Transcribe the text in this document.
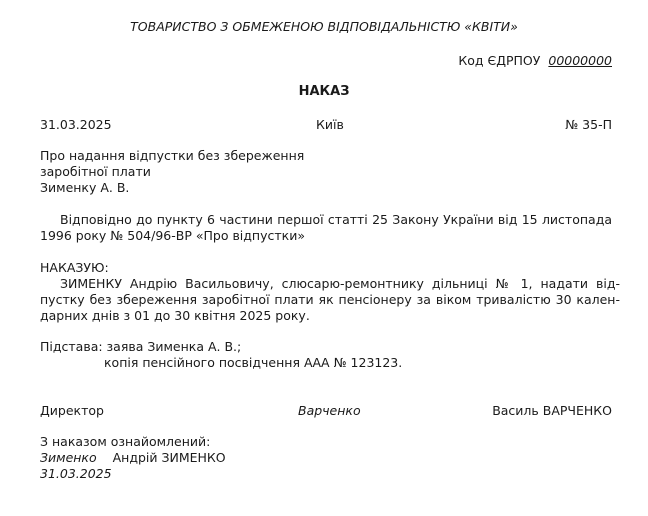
ТОВАРИСТВО З ОБМЕЖЕНОЮ ВІДПОВІДАЛЬНІСТЮ «КВІТИ»
Код ЄДРПОУ 00000000
НАКАЗ
31.03.2025	Київ	№ 35-П
Про надання відпустки без збереження
заробітної плати
Зименку А. В.
Відповідно до пункту 6 частини першої статті 25 Закону України від 15 листопада
1996 року № 504/96-ВР «Про відпустки»
НАКАЗУЮ:
ЗИМЕНКУ Андрію Васильовичу, слюсарю-ремонтнику дільниці № 1, надати від-
пустку без збереження заробітної плати як пенсіонеру за віком тривалістю 30 кален-
дарних днів з 01 до 30 квітня 2025 року.
Підстава: заява Зименка А. В.;
копія пенсійного посвідчення ААА № 123123.
Директор	Варченко	Василь ВАРЧЕНКО
З наказом ознайомлений:
Зименко Андрій ЗИМЕНКО
31.03.2025
